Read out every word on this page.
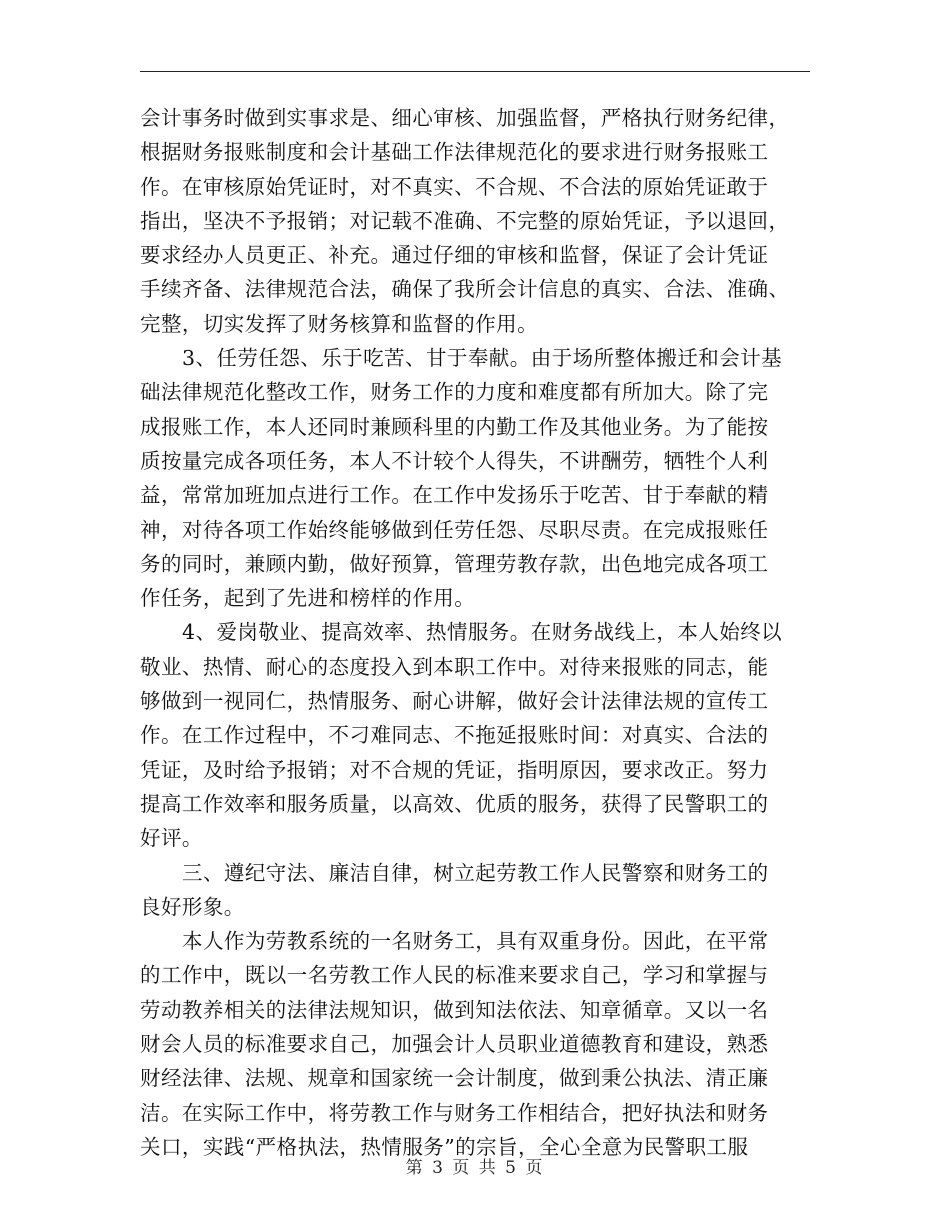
会计事务时做到实事求是、细心审核、加强监督，严格执行财务纪律，
根据财务报账制度和会计基础工作法律规范化的要求进行财务报账工
作。在审核原始凭证时，对不真实、不合规、不合法的原始凭证敢于
指出，坚决不予报销；对记载不准确、不完整的原始凭证，予以退回，
要求经办人员更正、补充。通过仔细的审核和监督，保证了会计凭证
手续齐备、法律规范合法，确保了我所会计信息的真实、合法、准确、
完整，切实发挥了财务核算和监督的作用。
3、任劳任怨、乐于吃苦、甘于奉献。由于场所整体搬迁和会计基
础法律规范化整改工作，财务工作的力度和难度都有所加大。除了完
成报账工作，本人还同时兼顾科里的内勤工作及其他业务。为了能按
质按量完成各项任务，本人不计较个人得失，不讲酬劳，牺牲个人利
益，常常加班加点进行工作。在工作中发扬乐于吃苦、甘于奉献的精
神，对待各项工作始终能够做到任劳任怨、尽职尽责。在完成报账任
务的同时，兼顾内勤，做好预算，管理劳教存款，出色地完成各项工
作任务，起到了先进和榜样的作用。
4、爱岗敬业、提高效率、热情服务。在财务战线上，本人始终以
敬业、热情、耐心的态度投入到本职工作中。对待来报账的同志，能
够做到一视同仁，热情服务、耐心讲解，做好会计法律法规的宣传工
作。在工作过程中，不刁难同志、不拖延报账时间：对真实、合法的
凭证，及时给予报销；对不合规的凭证，指明原因，要求改正。努力
提高工作效率和服务质量，以高效、优质的服务，获得了民警职工的
好评。
三、遵纪守法、廉洁自律，树立起劳教工作人民警察和财务工的
良好形象。
本人作为劳教系统的一名财务工，具有双重身份。因此，在平常
的工作中，既以一名劳教工作人民的标准来要求自己，学习和掌握与
劳动教养相关的法律法规知识，做到知法依法、知章循章。又以一名
财会人员的标准要求自己，加强会计人员职业道德教育和建设，熟悉
财经法律、法规、规章和国家统一会计制度，做到秉公执法、清正廉
洁。在实际工作中，将劳教工作与财务工作相结合，把好执法和财务
关口，实践“严格执法，热情服务”的宗旨，全心全意为民警职工服
第 3 页 共 5 页
